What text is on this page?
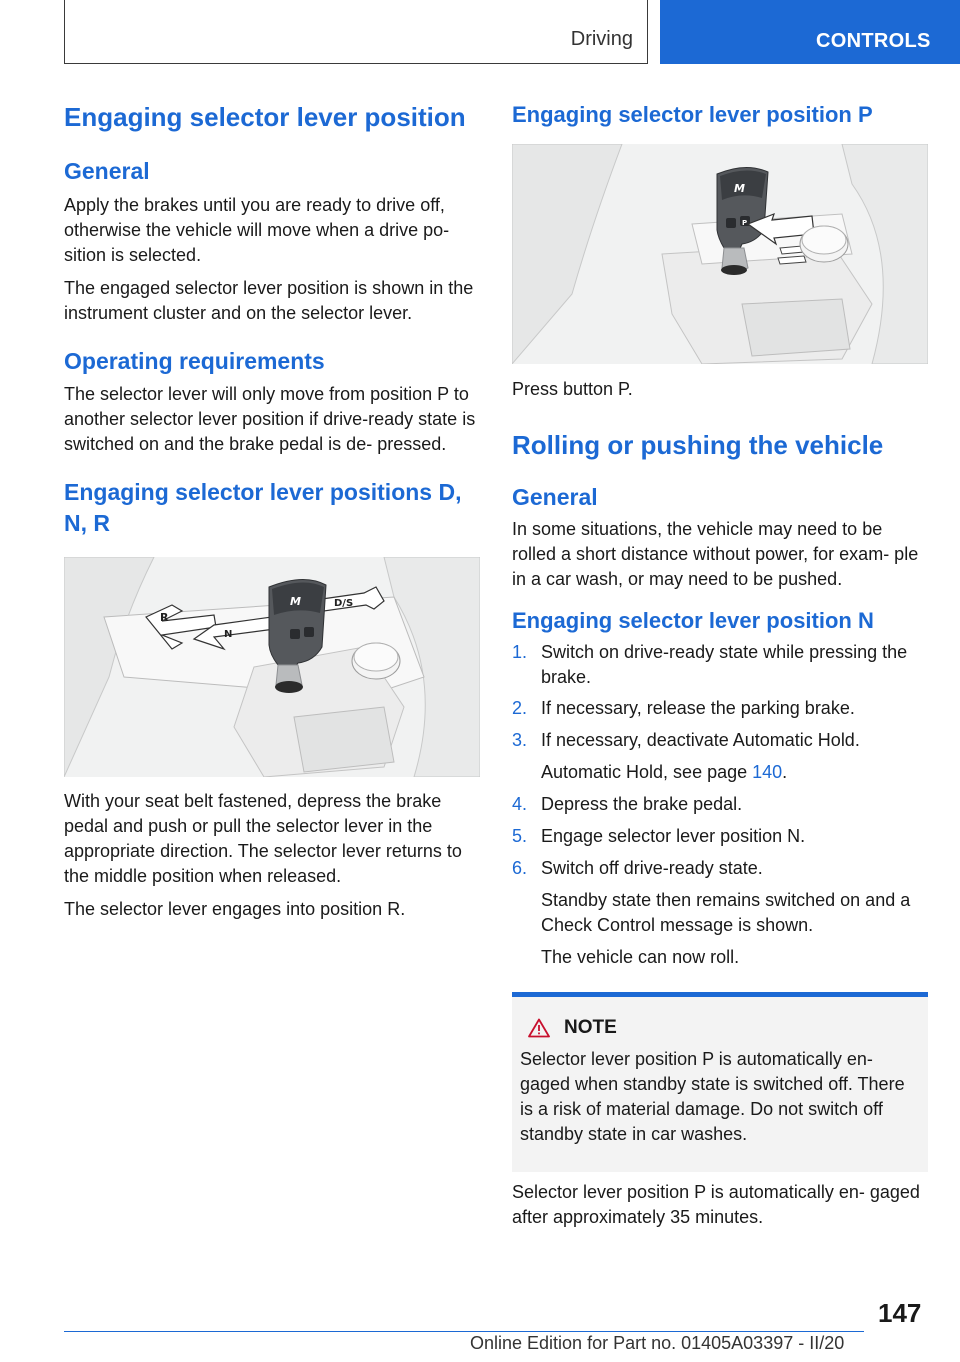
Driving	CONTROLS
Engaging selector lever position
General

Apply the brakes until you are ready to drive off, otherwise the vehicle will move when a drive po‐ sition is selected.

The engaged selector lever position is shown in the instrument cluster and on the selector lever.

Operating requirements

The selector lever will only move from position P to another selector lever position if drive-ready state is switched on and the brake pedal is de‐ pressed.

Engaging selector lever positions D, N, R
R
N
D/S
M

With your seat belt fastened, depress the brake pedal and push or pull the selector lever in the appropriate direction. The selector lever returns to the middle position when released.

The selector lever engages into position R.

Engaging selector lever position P
M
P

Press button P.

Rolling or pushing the vehicle
General

In some situations, the vehicle may need to be rolled a short distance without power, for exam‐ ple in a car wash, or may need to be pushed.

Engaging selector lever position N
1. Switch on drive-ready state while pressing the brake.
2. If necessary, release the parking brake.
3. If necessary, deactivate Automatic Hold.
Automatic Hold, see page 140.
4. Depress the brake pedal.
5. Engage selector lever position N.
6. Switch off drive-ready state.
Standby state then remains switched on and a Check Control message is shown.
The vehicle can now roll.
NOTE

Selector lever position P is automatically en‐ gaged when standby state is switched off. There is a risk of material damage. Do not switch off standby state in car washes.

Selector lever position P is automatically en‐ gaged after approximately 35 minutes.

147
Online Edition for Part no. 01405A03397 - II/20
